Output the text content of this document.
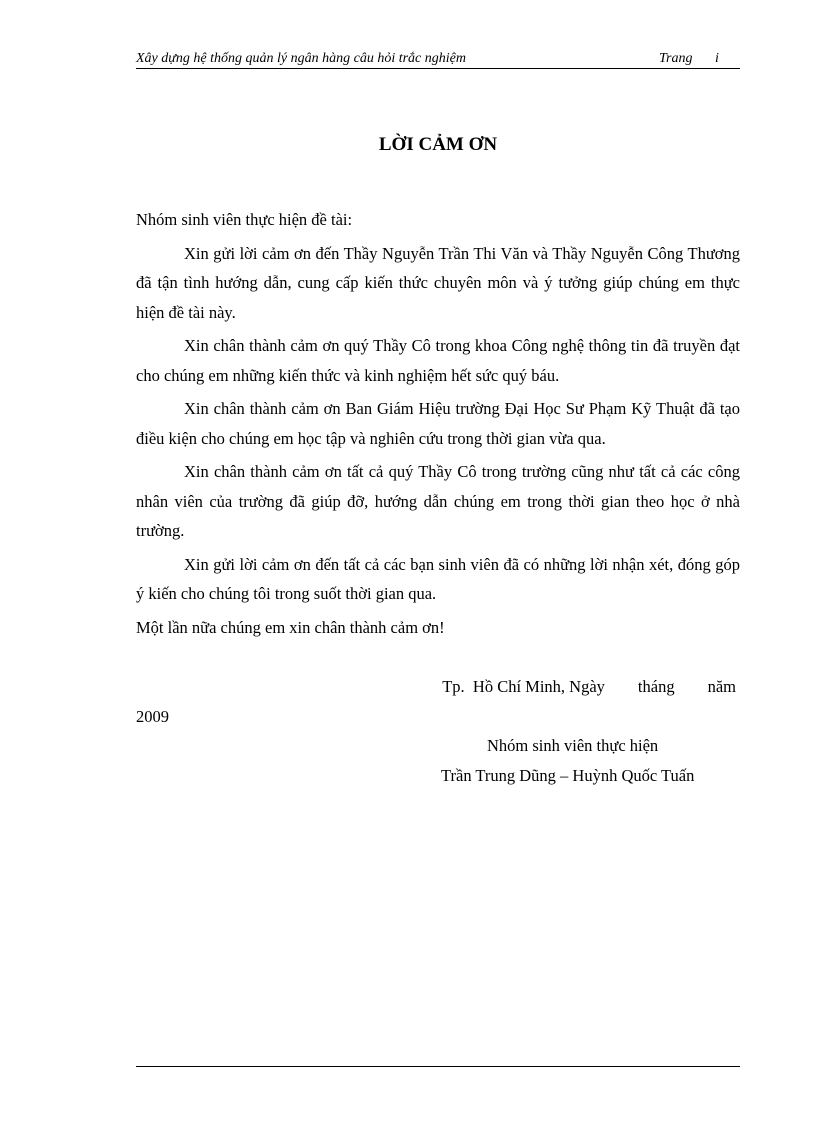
Xây dựng hệ thống quản lý ngân hàng câu hỏi trắc nghiệm	Trang i
LỜI CẢM ƠN

Nhóm sinh viên thực hiện đề tài:

Xin gửi lời cảm ơn đến Thầy Nguyễn Trần Thi Văn và Thầy Nguyễn Công Thương đã tận tình hướng dẫn, cung cấp kiến thức chuyên môn và ý tưởng giúp chúng em thực hiện đề tài này.

Xin chân thành cảm ơn quý Thầy Cô trong khoa Công nghệ thông tin đã truyền đạt cho chúng em những kiến thức và kinh nghiệm hết sức quý báu.

Xin chân thành cảm ơn Ban Giám Hiệu trường Đại Học Sư Phạm Kỹ Thuật đã tạo điều kiện cho chúng em học tập và nghiên cứu trong thời gian vừa qua.

Xin chân thành cảm ơn tất cả quý Thầy Cô trong trường cũng như tất cả các công nhân viên của trường đã giúp đỡ, hướng dẫn chúng em trong thời gian theo học ở nhà trường.

Xin gửi lời cảm ơn đến tất cả các bạn sinh viên đã có những lời nhận xét, đóng góp ý kiến cho chúng tôi trong suốt thời gian qua.

Một lần nữa chúng em xin chân thành cảm ơn!

Tp.  Hồ Chí Minh, Ngày        tháng        năm
2009
Nhóm sinh viên thực hiện
Trần Trung Dũng – Huỳnh Quốc Tuấn
